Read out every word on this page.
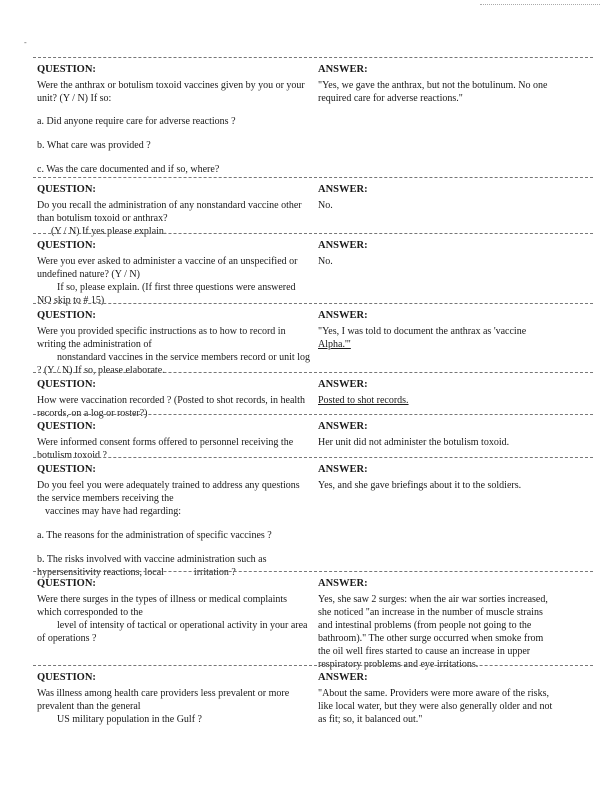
-
QUESTION:
Were the anthrax or botulism toxoid vaccines given by you or your
unit? (Y / N) If so:
a. Did anyone require care for adverse reactions ?
b. What care was provided ?
c. Was the care documented and if so, where?
ANSWER:
"Yes, we gave the anthrax, but not the botulinum. No one
required care for adverse reactions."
QUESTION:
Do you recall the administration of any nonstandard vaccine other
than botulism toxoid or anthrax?
(Y / N) If yes please explain.
ANSWER:
No.
QUESTION:
Were you ever asked to administer a vaccine of an unspecified or
undefined nature? (Y / N)
If so, please explain. (If first three questions were answered
NO skip to # 15)
ANSWER:
No.
QUESTION:
Were you provided specific instructions as to how to record in
writing the administration of
nonstandard vaccines in the service members record or unit log
? (Y / N) If so, please elaborate.
ANSWER:
"Yes, I was told to document the anthrax as 'vaccine
Alpha.'"
QUESTION:
How were vaccination recorded ? (Posted to shot records, in health
records, on a log or roster?)
ANSWER:
Posted to shot records.
QUESTION:
Were informed consent forms offered to personnel receiving the
botulism toxoid ?
ANSWER:
Her unit did not administer the botulism toxoid.
QUESTION:
Do you feel you were adequately trained to address any questions
the service members receiving the
vaccines may have had regarding:
a. The reasons for the administration of specific vaccines ?
b. The risks involved with vaccine administration such as
hypersensitivity reactions, local            irritation ?
ANSWER:
Yes, and she gave briefings about it to the soldiers.
QUESTION:
Were there surges in the types of illness or medical complaints
which corresponded to the
level of intensity of tactical or operational activity in your area
of operations ?
ANSWER:
Yes, she saw 2 surges: when the air war sorties increased,
she noticed "an increase in the number of muscle strains
and intestinal problems (from people not going to the
bathroom)." The other surge occurred when smoke from
the oil well fires started to cause an increase in upper
respiratory problems and eye irritations.
QUESTION:
Was illness among health care providers less prevalent or more
prevalent than the general
US military population in the Gulf ?
ANSWER:
"About the same. Providers were more aware of the risks,
like local water, but they were also generally older and not
as fit; so, it balanced out."
